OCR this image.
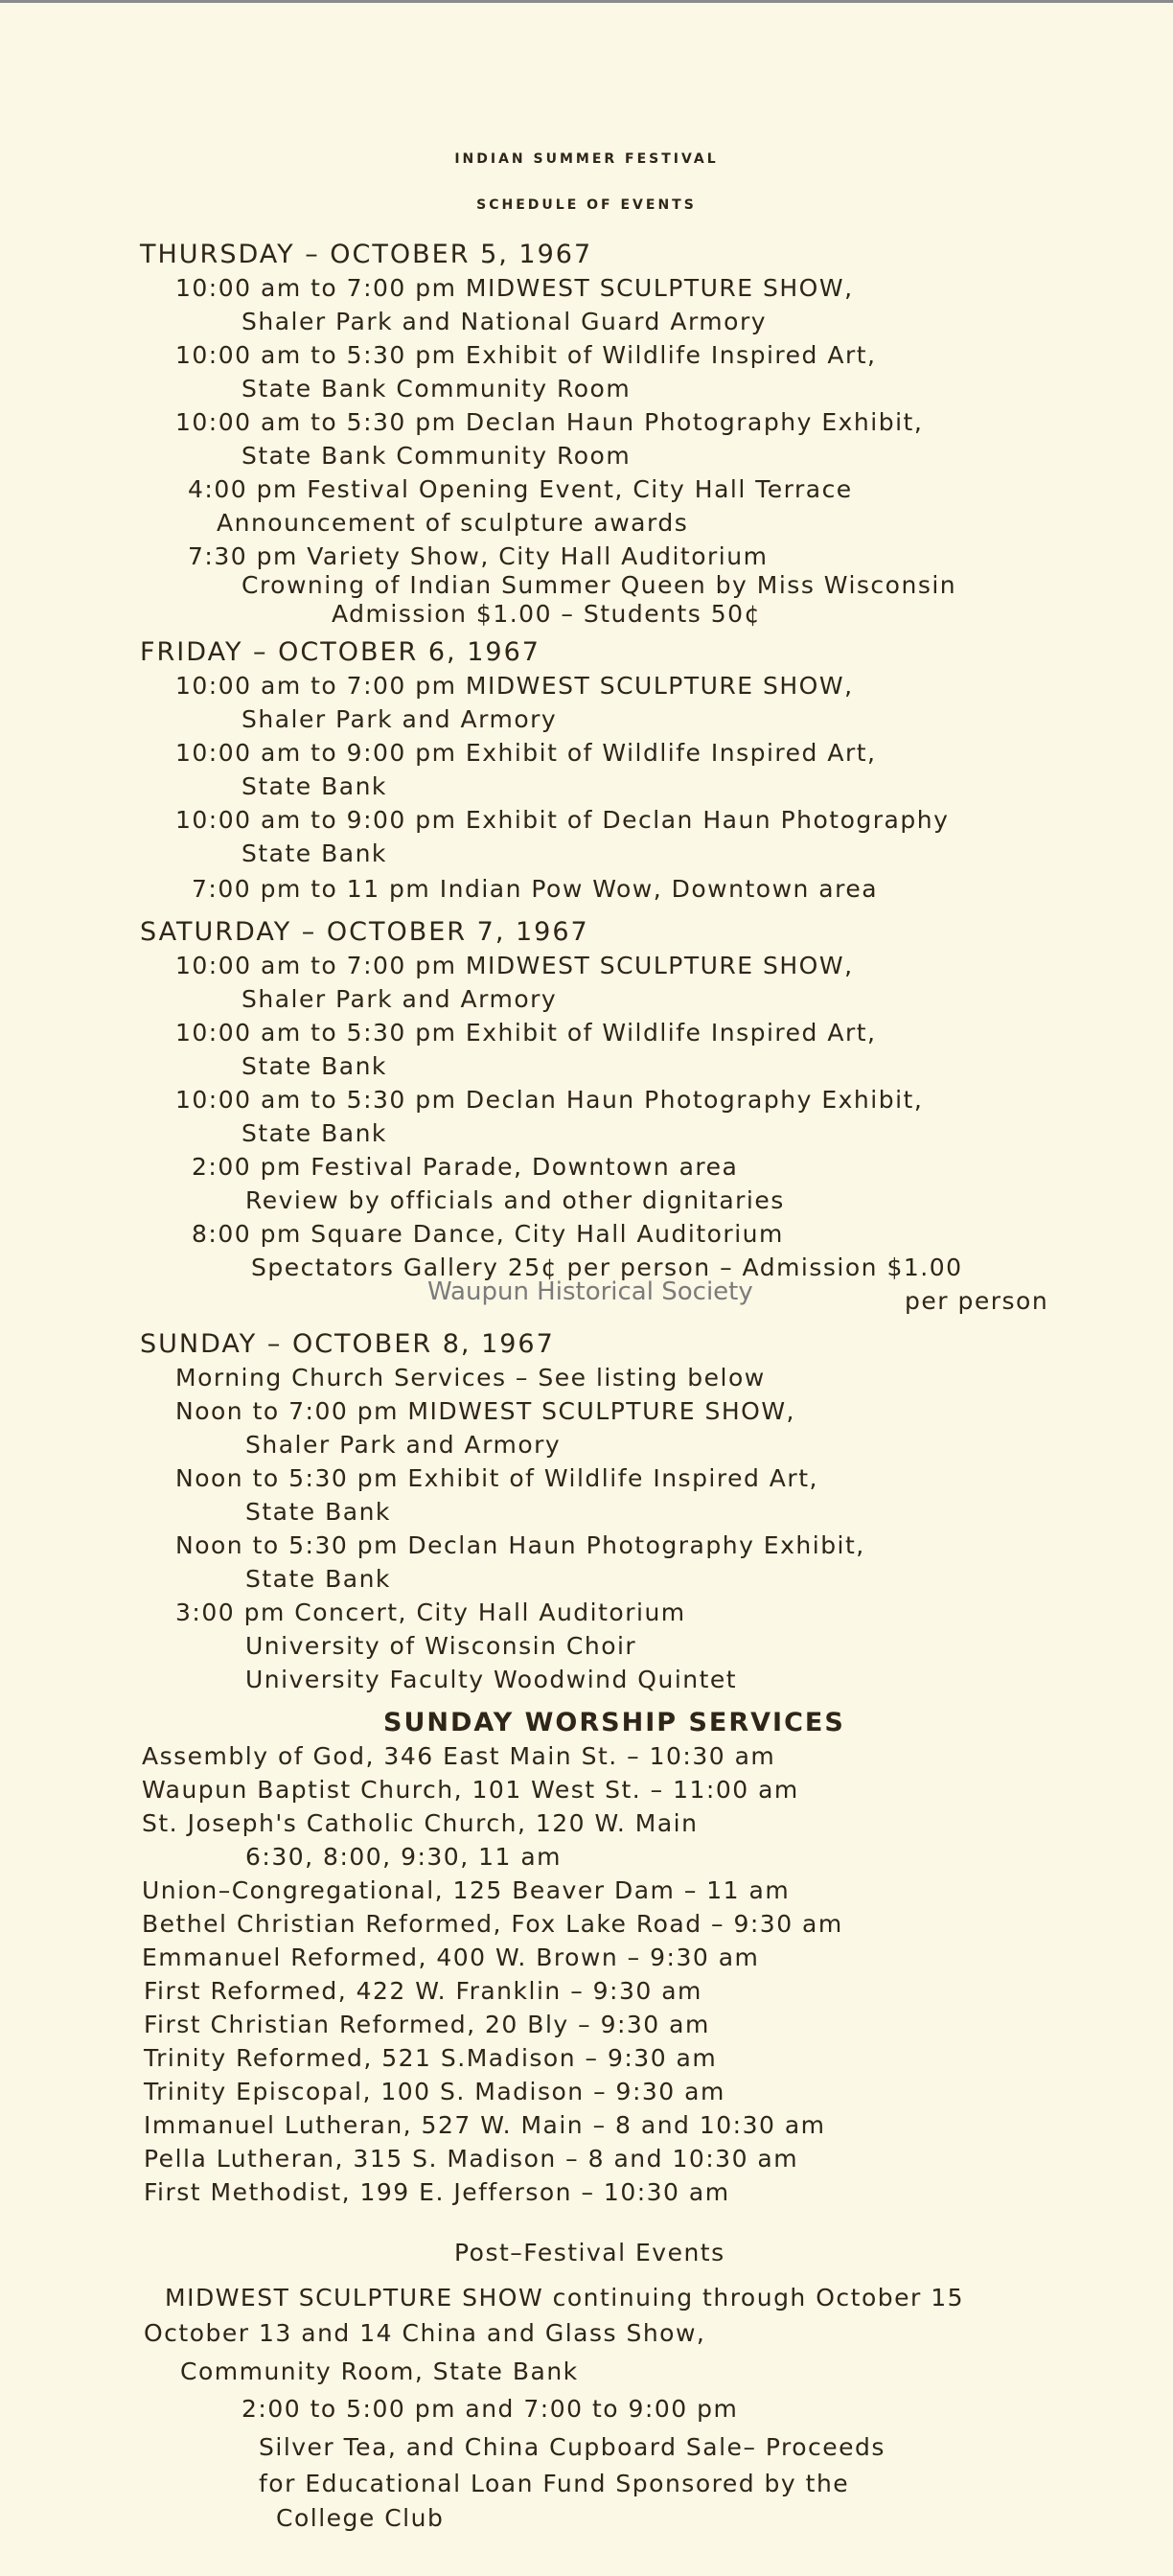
INDIAN SUMMER FESTIVAL
SCHEDULE OF EVENTS
THURSDAY – OCTOBER 5, 1967
10:00 am to 7:00 pm MIDWEST SCULPTURE SHOW,
Shaler Park and National Guard Armory
10:00 am to 5:30 pm Exhibit of Wildlife Inspired Art,
State Bank Community Room
10:00 am to 5:30 pm Declan Haun Photography Exhibit,
State Bank Community Room
4:00 pm Festival Opening Event, City Hall Terrace
Announcement of sculpture awards
7:30 pm Variety Show, City Hall Auditorium
Crowning of Indian Summer Queen by Miss Wisconsin
Admission $1.00 – Students 50¢
FRIDAY – OCTOBER 6, 1967
10:00 am to 7:00 pm MIDWEST SCULPTURE SHOW,
Shaler Park and Armory
10:00 am to 9:00 pm Exhibit of Wildlife Inspired Art,
State Bank
10:00 am to 9:00 pm Exhibit of Declan Haun Photography
State Bank
7:00 pm to 11 pm Indian Pow Wow, Downtown area
SATURDAY – OCTOBER 7, 1967
10:00 am to 7:00 pm MIDWEST SCULPTURE SHOW,
Shaler Park and Armory
10:00 am to 5:30 pm Exhibit of Wildlife Inspired Art,
State Bank
10:00 am to 5:30 pm Declan Haun Photography Exhibit,
State Bank
2:00 pm Festival Parade, Downtown area
Review by officials and other dignitaries
8:00 pm Square Dance, City Hall Auditorium
Spectators Gallery 25¢ per person – Admission $1.00
Waupun Historical Society	per person
SUNDAY – OCTOBER 8, 1967
Morning Church Services – See listing below
Noon to 7:00 pm MIDWEST SCULPTURE SHOW,
Shaler Park and Armory
Noon to 5:30 pm Exhibit of Wildlife Inspired Art,
State Bank
Noon to 5:30 pm Declan Haun Photography Exhibit,
State Bank
3:00 pm Concert, City Hall Auditorium
University of Wisconsin Choir
University Faculty Woodwind Quintet
SUNDAY WORSHIP SERVICES
Assembly of God, 346 East Main St. – 10:30 am
Waupun Baptist Church, 101 West St. – 11:00 am
St. Joseph's Catholic Church, 120 W. Main
6:30, 8:00, 9:30, 11 am
Union–Congregational, 125 Beaver Dam – 11 am
Bethel Christian Reformed, Fox Lake Road – 9:30 am
Emmanuel Reformed, 400 W. Brown – 9:30 am
First Reformed, 422 W. Franklin – 9:30 am
First Christian Reformed, 20 Bly – 9:30 am
Trinity Reformed, 521 S.Madison – 9:30 am
Trinity Episcopal, 100 S. Madison – 9:30 am
Immanuel Lutheran, 527 W. Main – 8 and 10:30 am
Pella Lutheran, 315 S. Madison – 8 and 10:30 am
First Methodist, 199 E. Jefferson – 10:30 am
Post–Festival Events
MIDWEST SCULPTURE SHOW continuing through October 15
October 13 and 14 China and Glass Show,
Community Room, State Bank
2:00 to 5:00 pm and 7:00 to 9:00 pm
Silver Tea, and China Cupboard Sale– Proceeds
for Educational Loan Fund Sponsored by the
College Club
